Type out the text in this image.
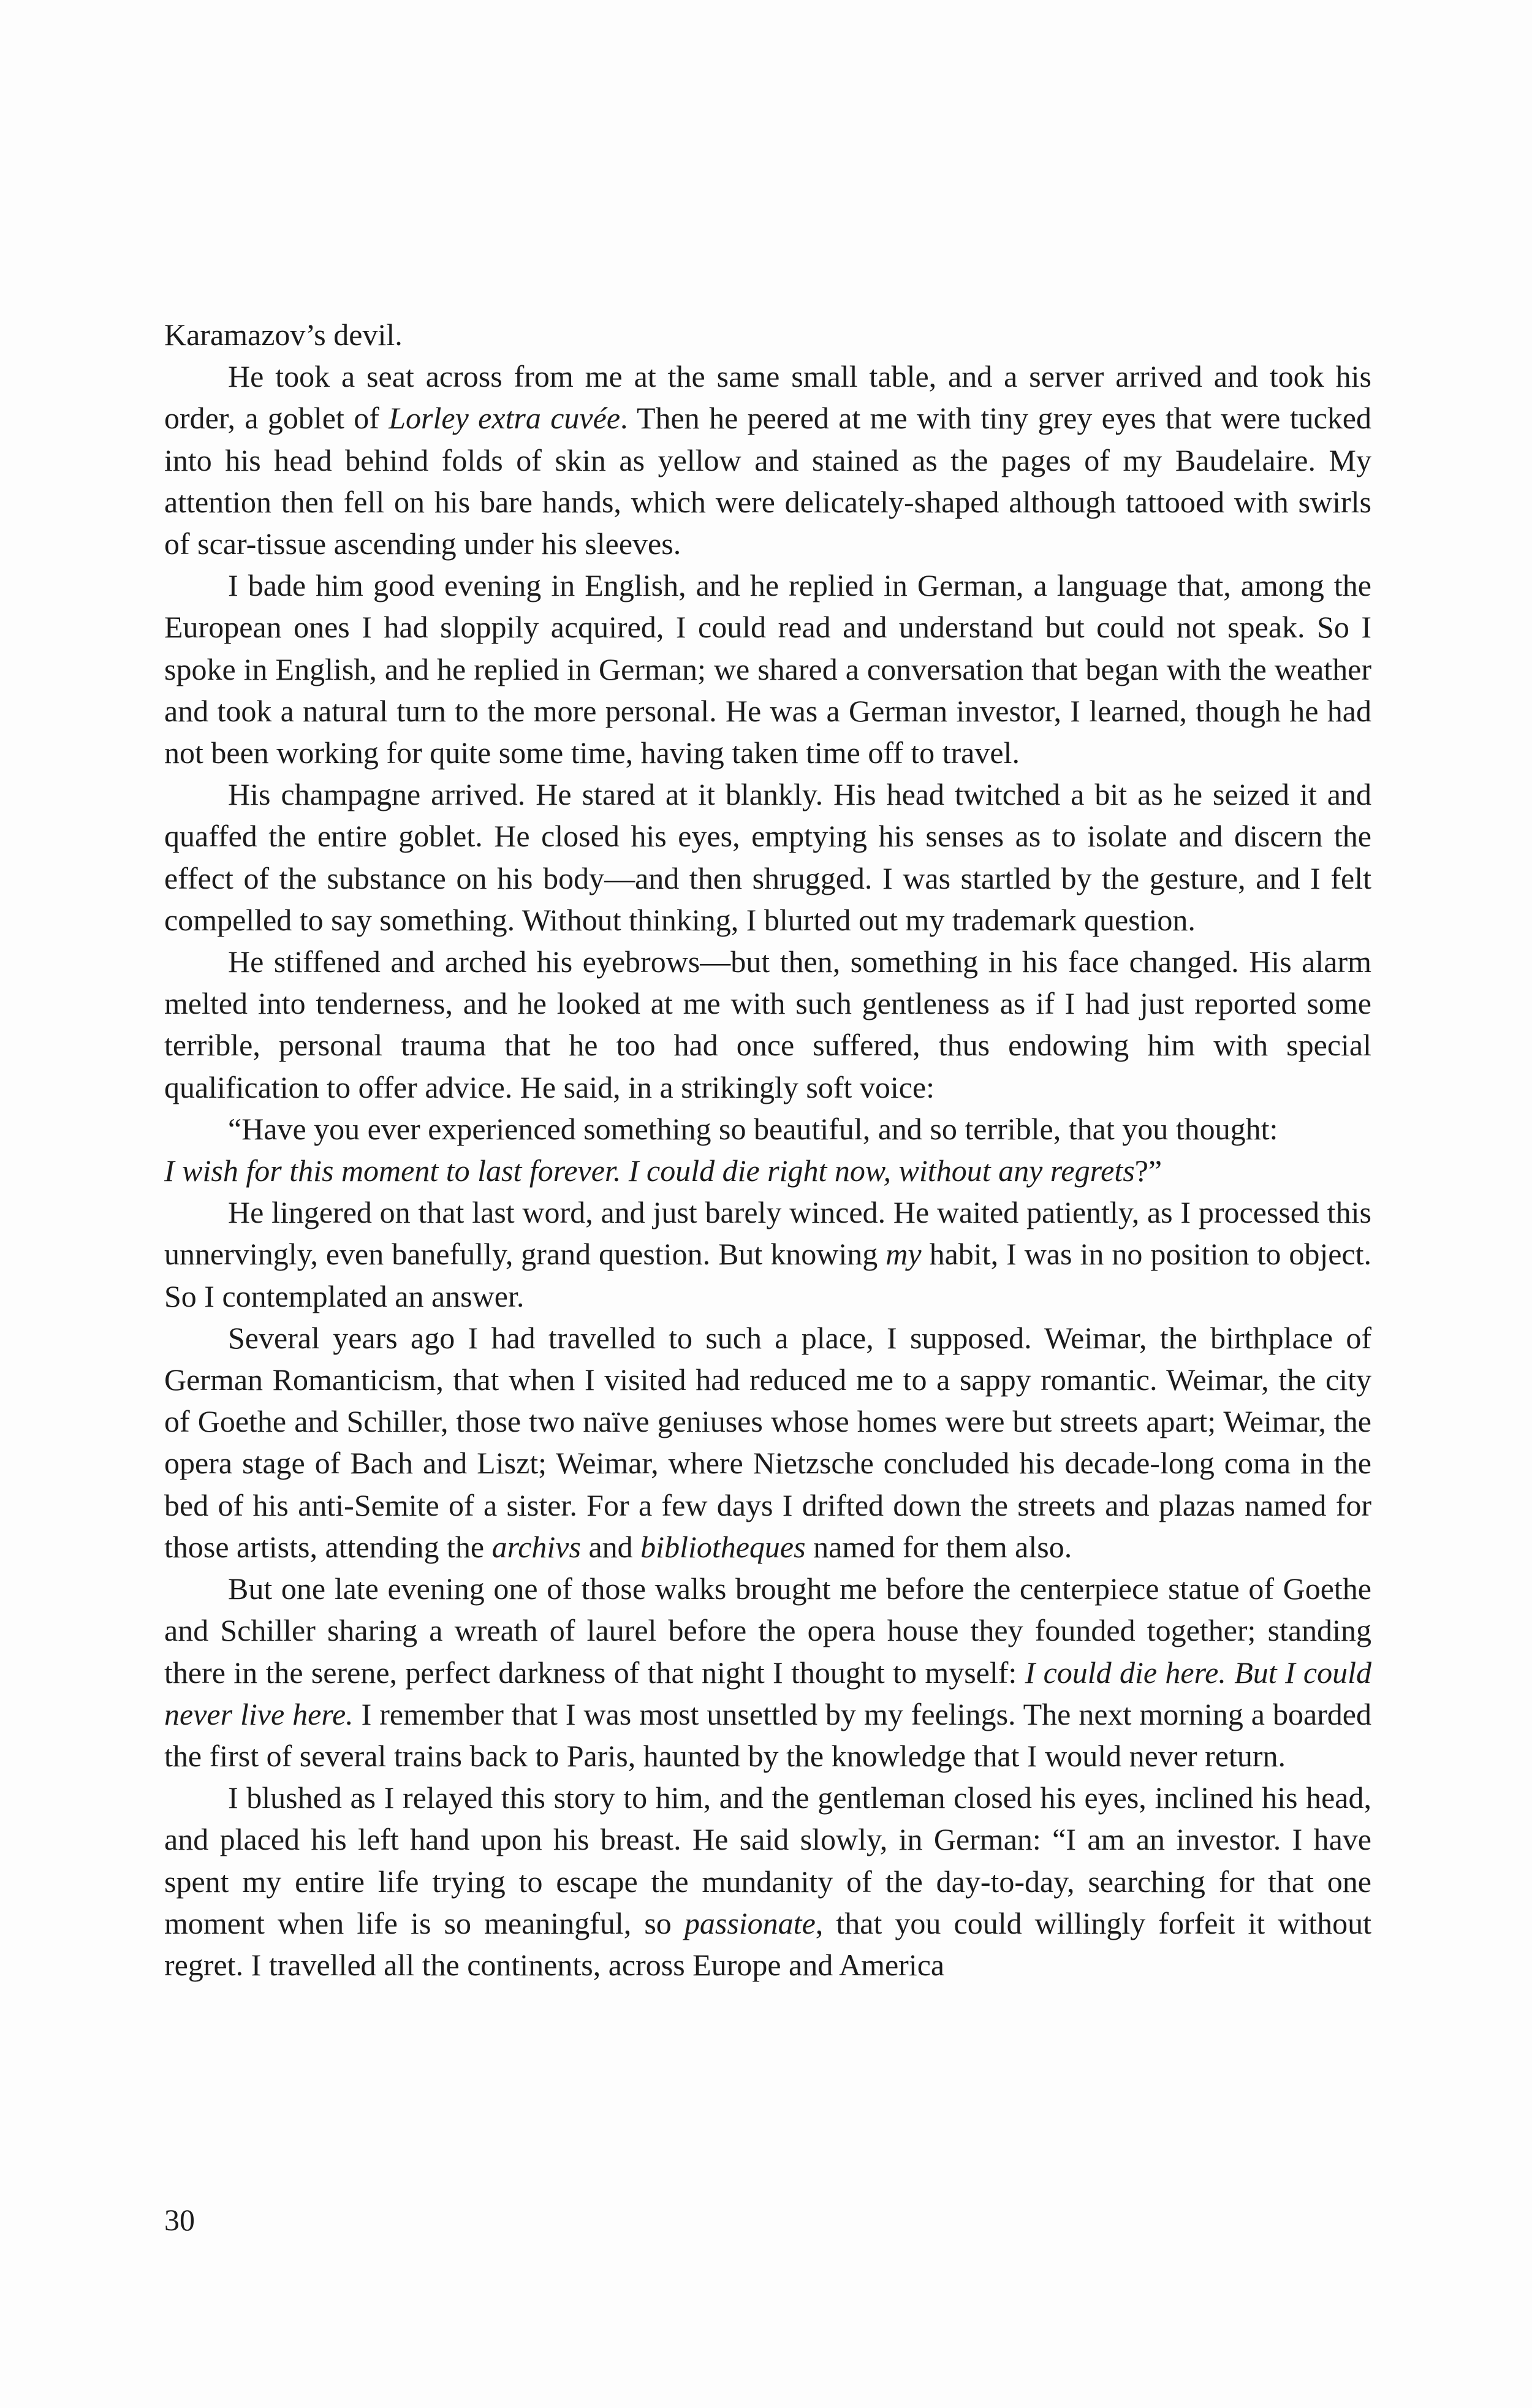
Karamazov’s devil.

He took a seat across from me at the same small table, and a server arrived and took his order, a goblet of Lorley extra cuvée. Then he peered at me with tiny grey eyes that were tucked into his head behind folds of skin as yellow and stained as the pages of my Baudelaire. My attention then fell on his bare hands, which were delicately-shaped although tattooed with swirls of scar-tissue ascending under his sleeves.

I bade him good evening in English, and he replied in German, a language that, among the European ones I had sloppily acquired, I could read and understand but could not speak. So I spoke in English, and he replied in German; we shared a conversation that began with the weather and took a natural turn to the more personal. He was a German investor, I learned, though he had not been working for quite some time, having taken time off to travel.

His champagne arrived. He stared at it blankly. His head twitched a bit as he seized it and quaffed the entire goblet. He closed his eyes, emptying his senses as to isolate and discern the effect of the substance on his body—and then shrugged. I was startled by the gesture, and I felt compelled to say something. Without thinking, I blurted out my trademark question.

He stiffened and arched his eyebrows—but then, something in his face changed. His alarm melted into tenderness, and he looked at me with such gentleness as if I had just reported some terrible, personal trauma that he too had once suffered, thus endowing him with special qualification to offer advice. He said, in a strikingly soft voice:

“Have you ever experienced something so beautiful, and so terrible, that you thought:

I wish for this moment to last forever. I could die right now, without any regrets?”

He lingered on that last word, and just barely winced. He waited patiently, as I processed this unnervingly, even banefully, grand question. But knowing my habit, I was in no position to object. So I contemplated an answer.

Several years ago I had travelled to such a place, I supposed. Weimar, the birthplace of German Romanticism, that when I visited had reduced me to a sappy romantic. Weimar, the city of Goethe and Schiller, those two naïve geniuses whose homes were but streets apart; Weimar, the opera stage of Bach and Liszt; Weimar, where Nietzsche concluded his decade-long coma in the bed of his anti-Semite of a sister. For a few days I drifted down the streets and plazas named for those artists, attending the archivs and bibliotheques named for them also.

But one late evening one of those walks brought me before the centerpiece statue of Goethe and Schiller sharing a wreath of laurel before the opera house they founded together; standing there in the serene, perfect darkness of that night I thought to myself: I could die here. But I could never live here. I remember that I was most unsettled by my feelings. The next morning a boarded the first of several trains back to Paris, haunted by the knowledge that I would never return.

I blushed as I relayed this story to him, and the gentleman closed his eyes, inclined his head, and placed his left hand upon his breast. He said slowly, in German: “I am an investor. I have spent my entire life trying to escape the mundanity of the day-to-day, searching for that one moment when life is so meaningful, so passionate, that you could willingly forfeit it without regret. I travelled all the continents, across Europe and America

30
